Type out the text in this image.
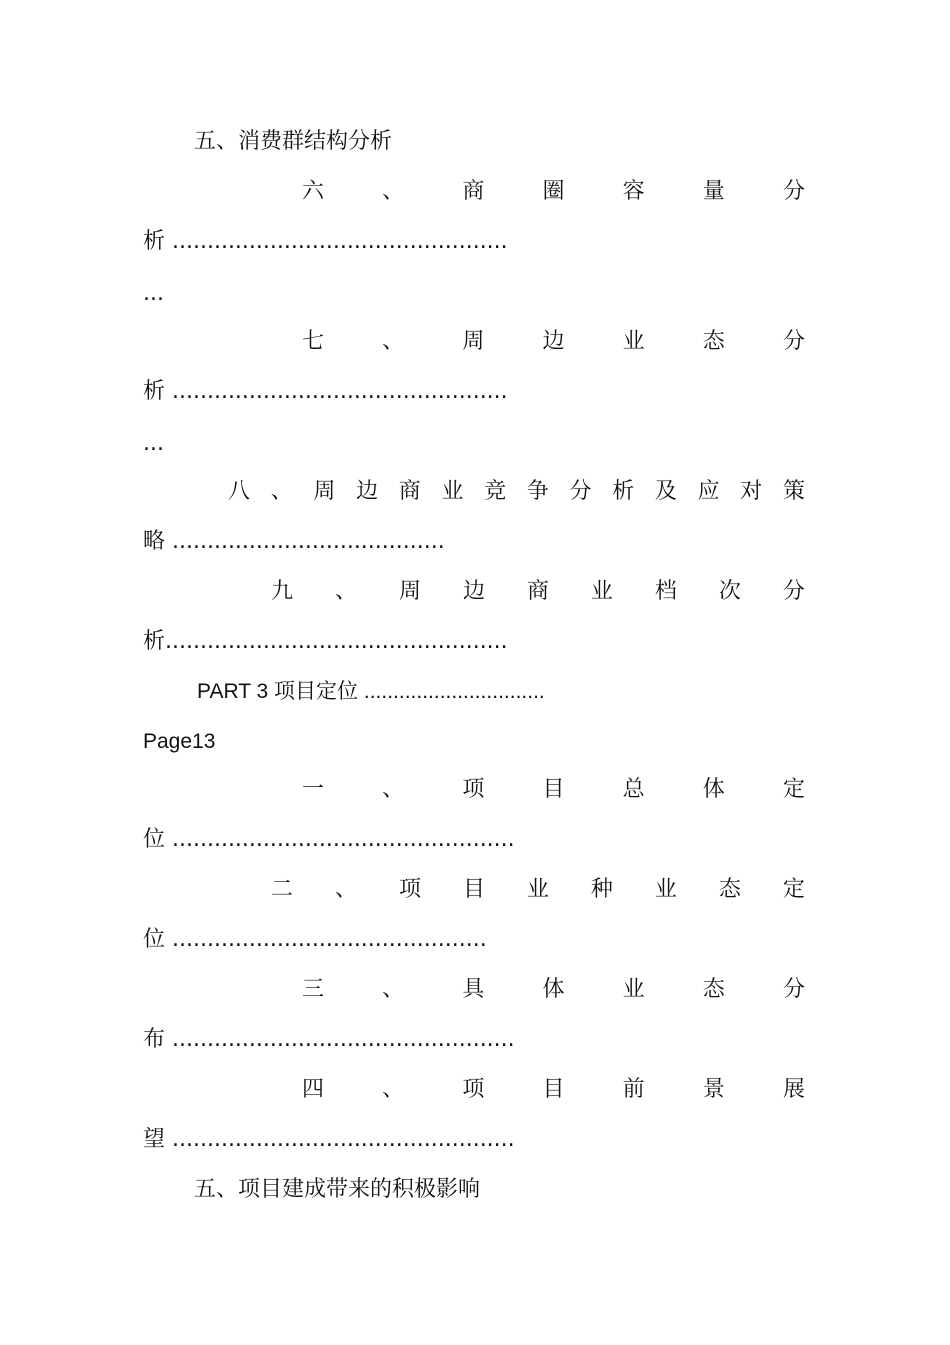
五、消费群结构分析
六	、	商	圈	容	量	分
析 ................................................
...
七	、	周	边	业	态	分
析 ................................................
...
八 、 周 边 商 业 竞 争 分 析 及 应 对 策
略 .......................................
九 、 周 边 商 业 档 次 分
析.................................................
PART 3 项目定位 ...............................
Page13
一	、	项	目	总	体	定
位 .................................................
二 、 项 目 业 种 业 态 定
位 .............................................
三	、	具	体	业	态	分
布 .................................................
四	、	项	目	前	景	展
望 .................................................
五、项目建成带来的积极影响
